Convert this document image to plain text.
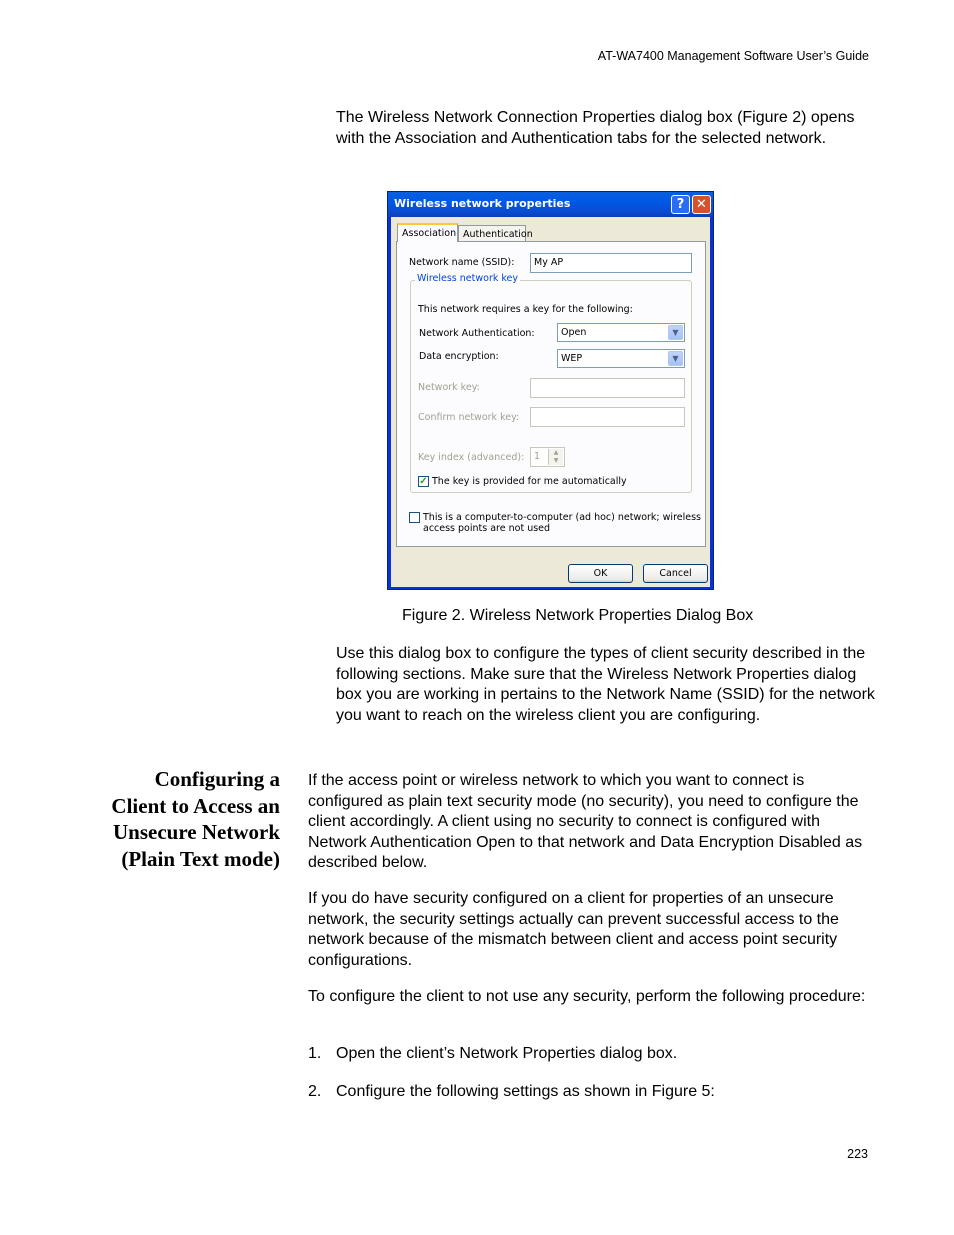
AT-WA7400 Management Software User’s Guide

The Wireless Network Connection Properties dialog box (Figure 2) opens with the Association and Authentication tabs for the selected network.

Wireless network properties	? ✕
Association Authentication
Network name (SSID):	My AP
Wireless network key
This network requires a key for the following:
Network Authentication:	Open	▼
Data encryption:	WEP	▼
Network key:
Confirm network key:
Key index (advanced):	1	▲
▼
✓ The key is provided for me automatically
This is a computer-to-computer (ad hoc) network; wireless
access points are not used
OK	Cancel
Figure 2. Wireless Network Properties Dialog Box

Use this dialog box to configure the types of client security described in the following sections. Make sure that the Wireless Network Properties dialog box you are working in pertains to the Network Name (SSID) for the network you want to reach on the wireless client you are configuring.

Configuring a Client to Access an Unsecure Network (Plain Text mode)

If the access point or wireless network to which you want to connect is configured as plain text security mode (no security), you need to configure the client accordingly. A client using no security to connect is configured with Network Authentication Open to that network and Data Encryption Disabled as described below.

If you do have security configured on a client for properties of an unsecure network, the security settings actually can prevent successful access to the network because of the mismatch between client and access point security configurations.

To configure the client to not use any security, perform the following procedure:

1. Open the client’s Network Properties dialog box.
2. Configure the following settings as shown in Figure 5:
223
